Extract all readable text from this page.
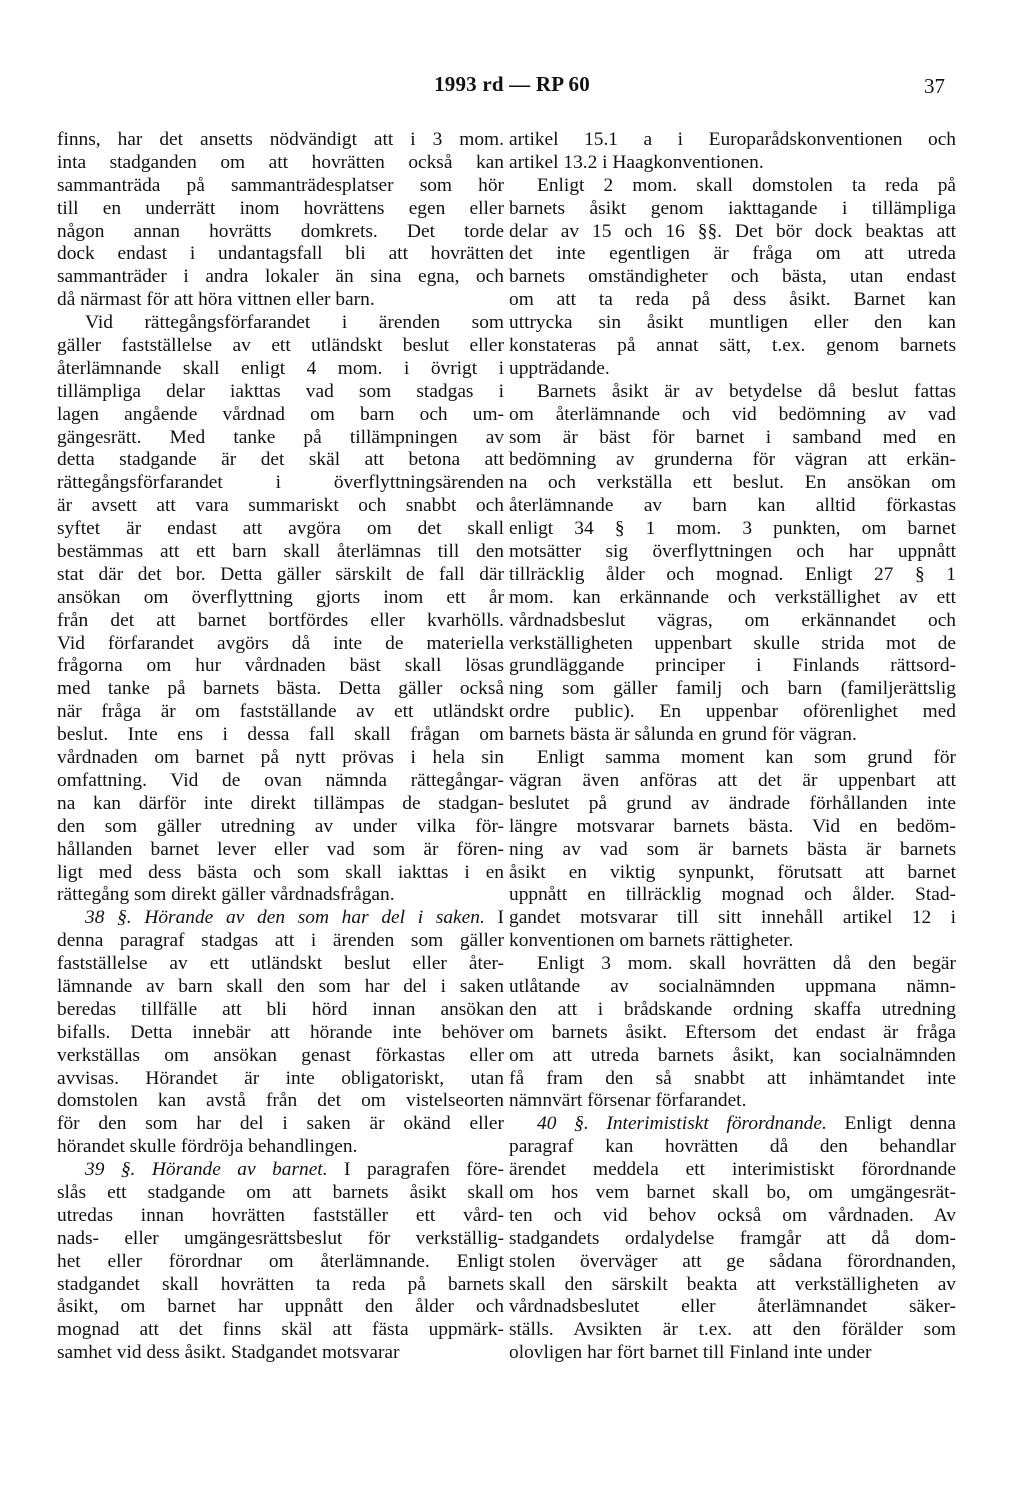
1993 rd — RP 60	37
finns, har det ansetts nödvändigt att i 3 mom.
inta stadganden om att hovrätten också kan
sammanträda på sammanträdesplatser som hör
till en underrätt inom hovrättens egen eller
någon annan hovrätts domkrets. Det torde
dock endast i undantagsfall bli att hovrätten
sammanträder i andra lokaler än sina egna, och
då närmast för att höra vittnen eller barn.
Vid rättegångsförfarandet i ärenden som
gäller fastställelse av ett utländskt beslut eller
återlämnande skall enligt 4 mom. i övrigt i
tillämpliga delar iakttas vad som stadgas i
lagen angående vårdnad om barn och um-
gängesrätt. Med tanke på tillämpningen av
detta stadgande är det skäl att betona att
rättegångsförfarandet i överflyttningsärenden
är avsett att vara summariskt och snabbt och
syftet är endast att avgöra om det skall
bestämmas att ett barn skall återlämnas till den
stat där det bor. Detta gäller särskilt de fall där
ansökan om överflyttning gjorts inom ett år
från det att barnet bortfördes eller kvarhölls.
Vid förfarandet avgörs då inte de materiella
frågorna om hur vårdnaden bäst skall lösas
med tanke på barnets bästa. Detta gäller också
när fråga är om fastställande av ett utländskt
beslut. Inte ens i dessa fall skall frågan om
vårdnaden om barnet på nytt prövas i hela sin
omfattning. Vid de ovan nämnda rättegångar-
na kan därför inte direkt tillämpas de stadgan-
den som gäller utredning av under vilka för-
hållanden barnet lever eller vad som är fören-
ligt med dess bästa och som skall iakttas i en
rättegång som direkt gäller vårdnadsfrågan.
38 §. Hörande av den som har del i saken. I
denna paragraf stadgas att i ärenden som gäller
fastställelse av ett utländskt beslut eller åter-
lämnande av barn skall den som har del i saken
beredas tillfälle att bli hörd innan ansökan
bifalls. Detta innebär att hörande inte behöver
verkställas om ansökan genast förkastas eller
avvisas. Hörandet är inte obligatoriskt, utan
domstolen kan avstå från det om vistelseorten
för den som har del i saken är okänd eller
hörandet skulle fördröja behandlingen.
39 §. Hörande av barnet. I paragrafen före-
slås ett stadgande om att barnets åsikt skall
utredas innan hovrätten fastställer ett vård-
nads- eller umgängesrättsbeslut för verkställig-
het eller förordnar om återlämnande. Enligt
stadgandet skall hovrätten ta reda på barnets
åsikt, om barnet har uppnått den ålder och
mognad att det finns skäl att fästa uppmärk-
samhet vid dess åsikt. Stadgandet motsvarar
artikel 15.1 a i Europarådskonventionen och
artikel 13.2 i Haagkonventionen.
Enligt 2 mom. skall domstolen ta reda på
barnets åsikt genom iakttagande i tillämpliga
delar av 15 och 16 §§. Det bör dock beaktas att
det inte egentligen är fråga om att utreda
barnets omständigheter och bästa, utan endast
om att ta reda på dess åsikt. Barnet kan
uttrycka sin åsikt muntligen eller den kan
konstateras på annat sätt, t.ex. genom barnets
uppträdande.
Barnets åsikt är av betydelse då beslut fattas
om återlämnande och vid bedömning av vad
som är bäst för barnet i samband med en
bedömning av grunderna för vägran att erkän-
na och verkställa ett beslut. En ansökan om
återlämnande av barn kan alltid förkastas
enligt 34 § 1 mom. 3 punkten, om barnet
motsätter sig överflyttningen och har uppnått
tillräcklig ålder och mognad. Enligt 27 § 1
mom. kan erkännande och verkställighet av ett
vårdnadsbeslut vägras, om erkännandet och
verkställigheten uppenbart skulle strida mot de
grundläggande principer i Finlands rättsord-
ning som gäller familj och barn (familjerättslig
ordre public). En uppenbar oförenlighet med
barnets bästa är sålunda en grund för vägran.
Enligt samma moment kan som grund för
vägran även anföras att det är uppenbart att
beslutet på grund av ändrade förhållanden inte
längre motsvarar barnets bästa. Vid en bedöm-
ning av vad som är barnets bästa är barnets
åsikt en viktig synpunkt, förutsatt att barnet
uppnått en tillräcklig mognad och ålder. Stad-
gandet motsvarar till sitt innehåll artikel 12 i
konventionen om barnets rättigheter.
Enligt 3 mom. skall hovrätten då den begär
utlåtande av socialnämnden uppmana nämn-
den att i brådskande ordning skaffa utredning
om barnets åsikt. Eftersom det endast är fråga
om att utreda barnets åsikt, kan socialnämnden
få fram den så snabbt att inhämtandet inte
nämnvärt försenar förfarandet.
40 §. Interimistiskt förordnande. Enligt denna
paragraf kan hovrätten då den behandlar
ärendet meddela ett interimistiskt förordnande
om hos vem barnet skall bo, om umgängesrät-
ten och vid behov också om vårdnaden. Av
stadgandets ordalydelse framgår att då dom-
stolen överväger att ge sådana förordnanden,
skall den särskilt beakta att verkställigheten av
vårdnadsbeslutet eller återlämnandet säker-
ställs. Avsikten är t.ex. att den förälder som
olovligen har fört barnet till Finland inte under
